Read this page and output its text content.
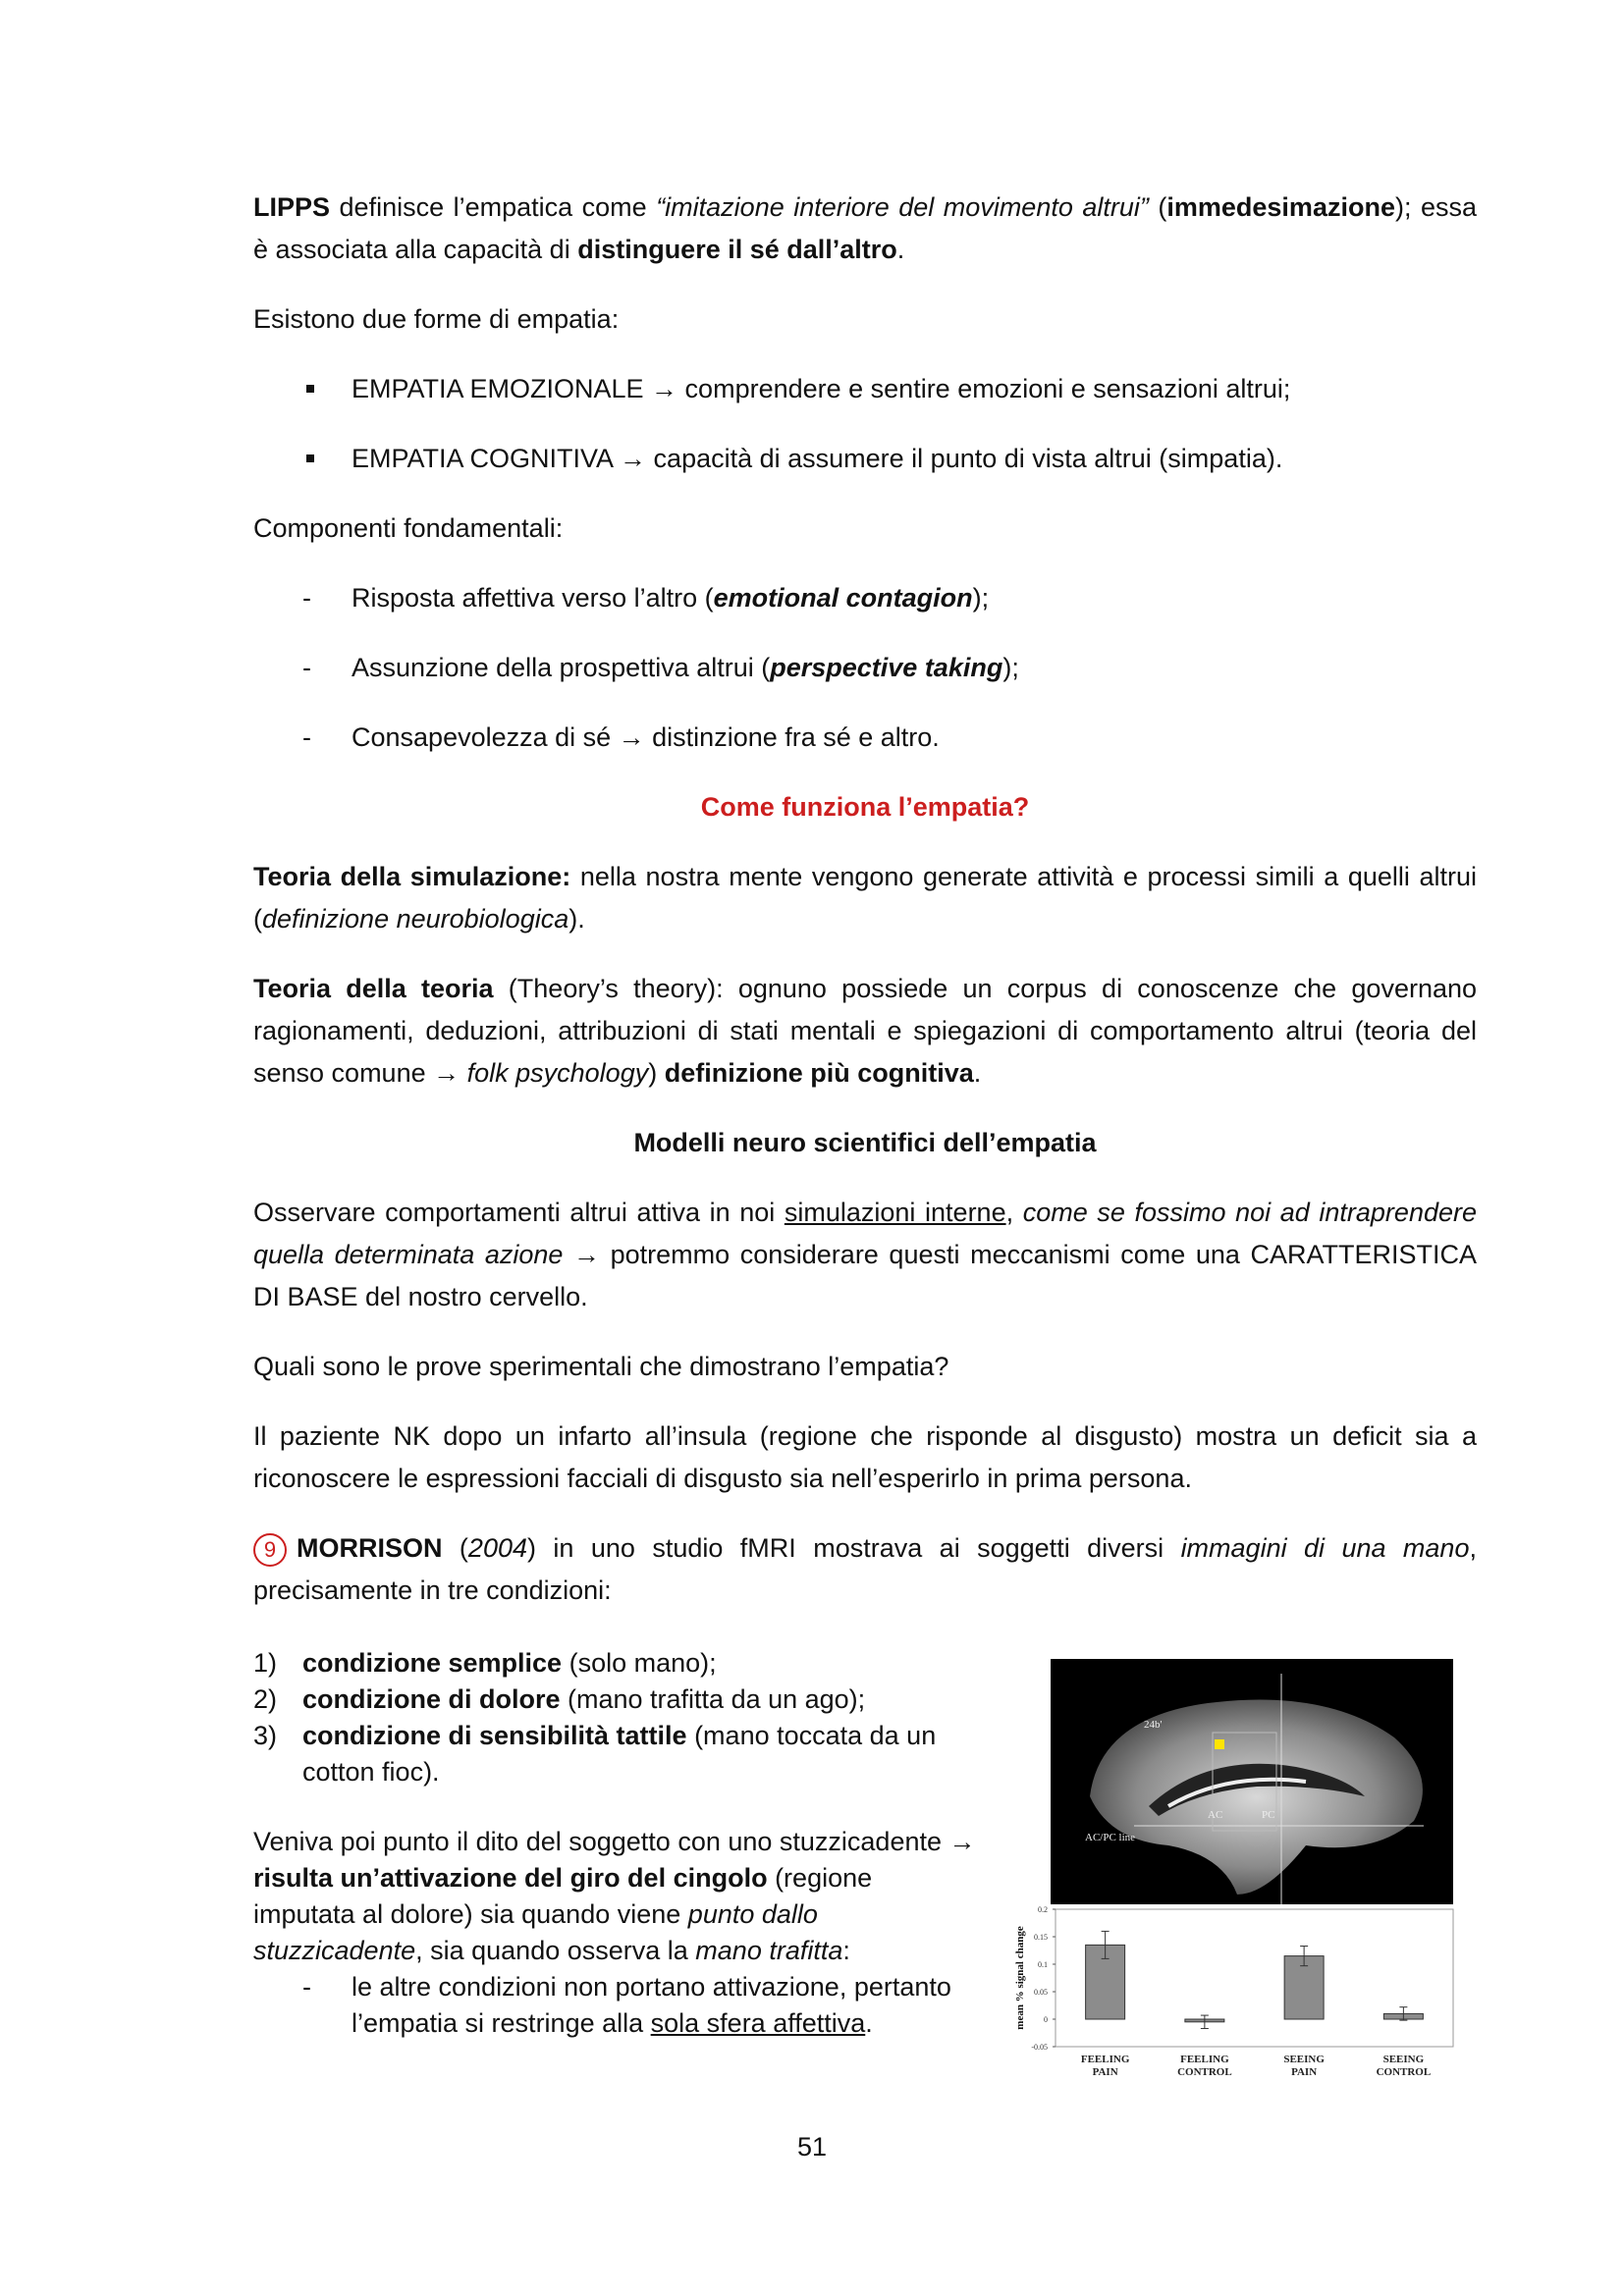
LIPPS definisce l’empatica come “imitazione interiore del movimento altrui” (immedesimazione); essa è associata alla capacità di distinguere il sé dall’altro.

Esistono due forme di empatia:

EMPATIA EMOZIONALE → comprendere e sentire emozioni e sensazioni altrui;
EMPATIA COGNITIVA → capacità di assumere il punto di vista altrui (simpatia).

Componenti fondamentali:

- Risposta affettiva verso l’altro (emotional contagion);
- Assunzione della prospettiva altrui (perspective taking);
- Consapevolezza di sé → distinzione fra sé e altro.

Come funziona l’empatia?

Teoria della simulazione: nella nostra mente vengono generate attività e processi simili a quelli altrui (definizione neurobiologica).

Teoria della teoria (Theory’s theory): ognuno possiede un corpus di conoscenze che governano ragionamenti, deduzioni, attribuzioni di stati mentali e spiegazioni di comportamento altrui (teoria del senso comune → folk psychology) definizione più cognitiva.

Modelli neuro scientifici dell’empatia

Osservare comportamenti altrui attiva in noi simulazioni interne, come se fossimo noi ad intraprendere quella determinata azione → potremmo considerare questi meccanismi come una CARATTERISTICA DI BASE del nostro cervello.

Quali sono le prove sperimentali che dimostrano l’empatia?

Il paziente NK dopo un infarto all’insula (regione che risponde al disgusto) mostra un deficit sia a riconoscere le espressioni facciali di disgusto sia nell’esperirlo in prima persona.

9 MORRISON (2004) in uno studio fMRI mostrava ai soggetti diversi immagini di una mano, precisamente in tre condizioni:

1) condizione semplice (solo mano);
2) condizione di dolore (mano trafitta da un ago);
3) condizione di sensibilità tattile (mano toccata da un cotton fioc).

Veniva poi punto il dito del soggetto con uno stuzzicadente → risulta un’attivazione del giro del cingolo (regione imputata al dolore) sia quando viene punto dallo stuzzicadente, sia quando osserva la mano trafitta:

- le altre condizioni non portano attivazione, pertanto l’empatia si restringe alla sola sfera affettiva.
24b'
AC	PC
AC/PC line
mean % signal change
0.2
0.15
0.1
0.05
0
-0.05
FEELING
PAIN
FEELING
CONTROL
SEEING
PAIN
SEEING
CONTROL
51
